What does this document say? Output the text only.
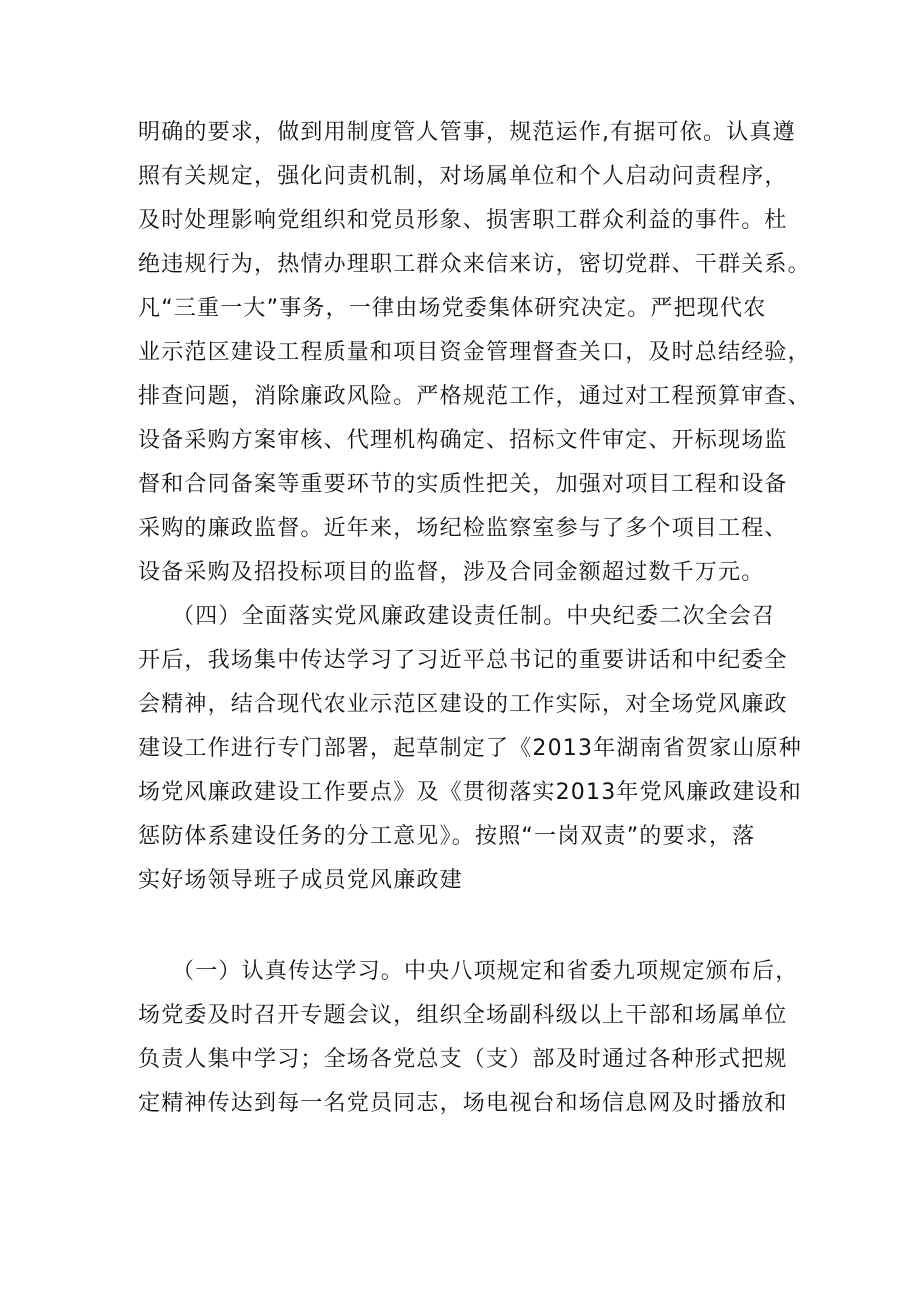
明确的要求，做到用制度管人管事，规范运作,有据可依。认真遵

照有关规定，强化问责机制，对场属单位和个人启动问责程序，

及时处理影响党组织和党员形象、损害职工群众利益的事件。杜

绝违规行为，热情办理职工群众来信来访，密切党群、干群关系。

凡“三重一大”事务，一律由场党委集体研究决定。严把现代农

业示范区建设工程质量和项目资金管理督查关口，及时总结经验，

排查问题，消除廉政风险。严格规范工作，通过对工程预算审查、

设备采购方案审核、代理机构确定、招标文件审定、开标现场监

督和合同备案等重要环节的实质性把关，加强对项目工程和设备

采购的廉政监督。近年来，场纪检监察室参与了多个项目工程、

设备采购及招投标项目的监督，涉及合同金额超过数千万元。

（四）全面落实党风廉政建设责任制。中央纪委二次全会召

开后，我场集中传达学习了习近平总书记的重要讲话和中纪委全

会精神，结合现代农业示范区建设的工作实际，对全场党风廉政

建设工作进行专门部署，起草制定了《2013年湖南省贺家山原种

场党风廉政建设工作要点》及《贯彻落实2013年党风廉政建设和

惩防体系建设任务的分工意见》。按照“一岗双责”的要求，落

实好场领导班子成员党风廉政建

（一）认真传达学习。中央八项规定和省委九项规定颁布后，

场党委及时召开专题会议，组织全场副科级以上干部和场属单位

负责人集中学习；全场各党总支（支）部及时通过各种形式把规

定精神传达到每一名党员同志，场电视台和场信息网及时播放和
